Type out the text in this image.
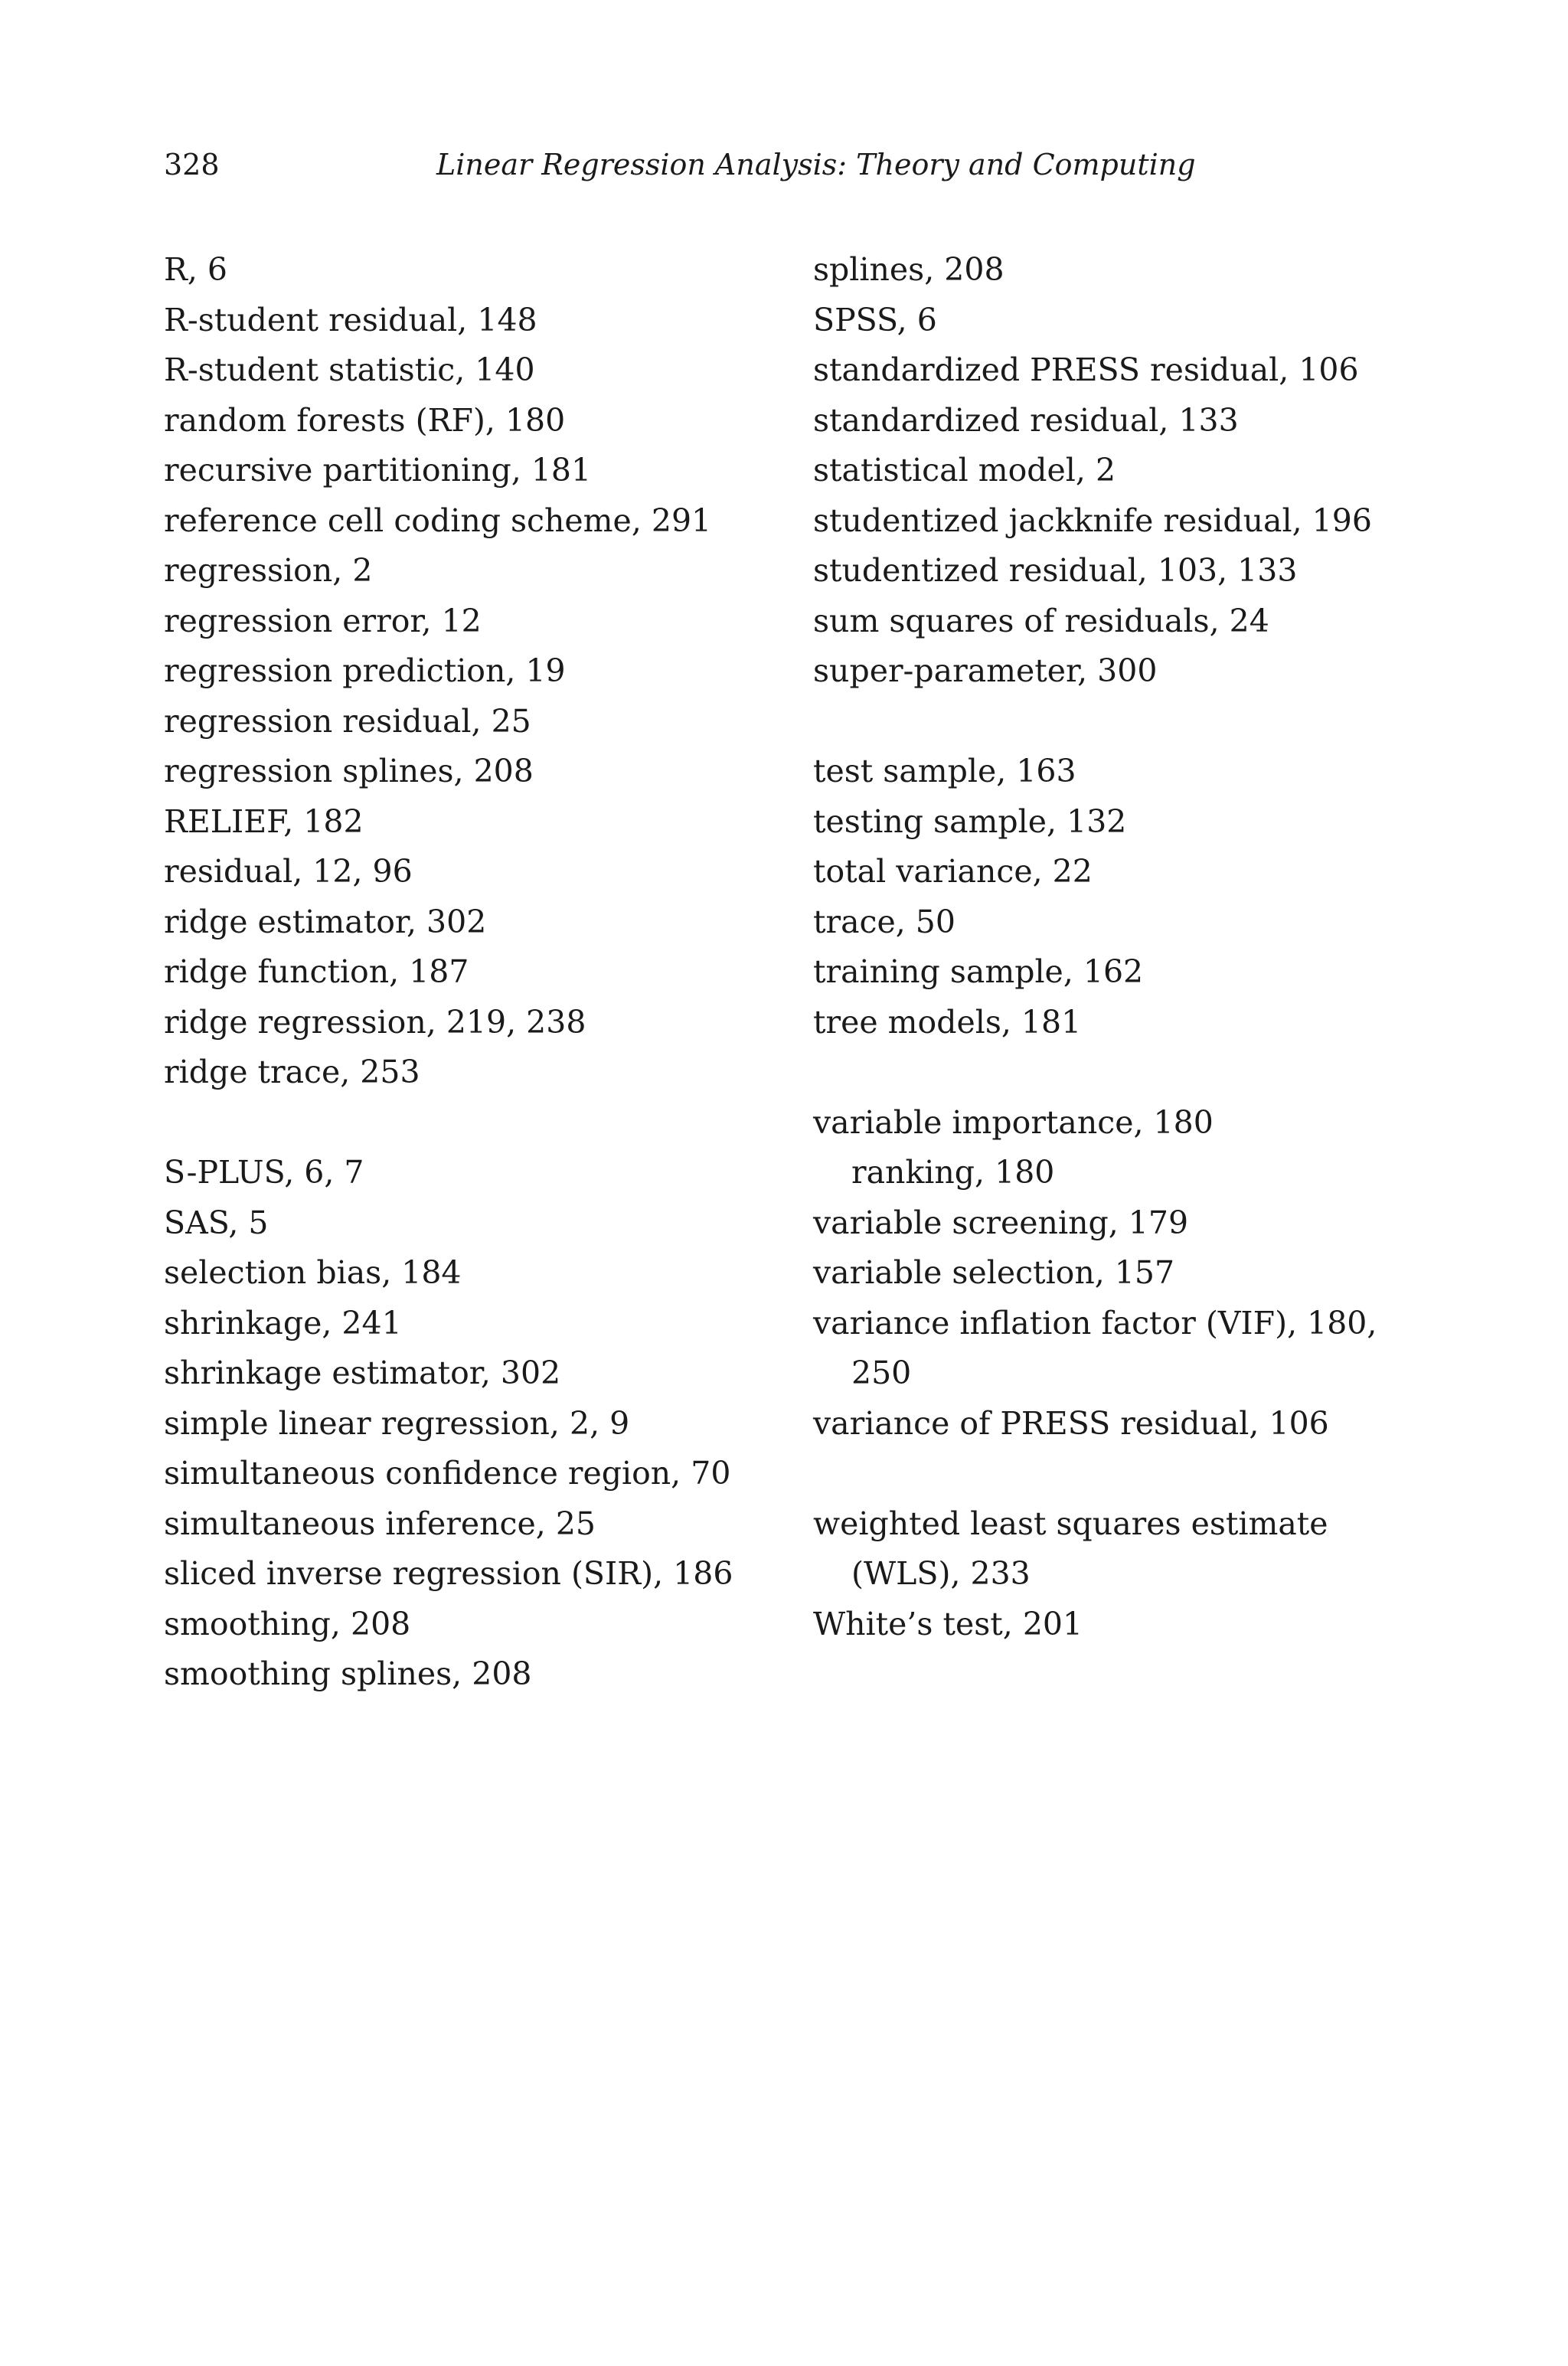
328	Linear Regression Analysis: Theory and Computing
R, 6
R-student residual, 148
R-student statistic, 140
random forests (RF), 180
recursive partitioning, 181
reference cell coding scheme, 291
regression, 2
regression error, 12
regression prediction, 19
regression residual, 25
regression splines, 208
RELIEF, 182
residual, 12, 96
ridge estimator, 302
ridge function, 187
ridge regression, 219, 238
ridge trace, 253
S-PLUS, 6, 7
SAS, 5
selection bias, 184
shrinkage, 241
shrinkage estimator, 302
simple linear regression, 2, 9
simultaneous confidence region, 70
simultaneous inference, 25
sliced inverse regression (SIR), 186
smoothing, 208
smoothing splines, 208
splines, 208
SPSS, 6
standardized PRESS residual, 106
standardized residual, 133
statistical model, 2
studentized jackknife residual, 196
studentized residual, 103, 133
sum squares of residuals, 24
super-parameter, 300
test sample, 163
testing sample, 132
total variance, 22
trace, 50
training sample, 162
tree models, 181
variable importance, 180
ranking, 180
variable screening, 179
variable selection, 157
variance inflation factor (VIF), 180,
250
variance of PRESS residual, 106
weighted least squares estimate
(WLS), 233
White’s test, 201
